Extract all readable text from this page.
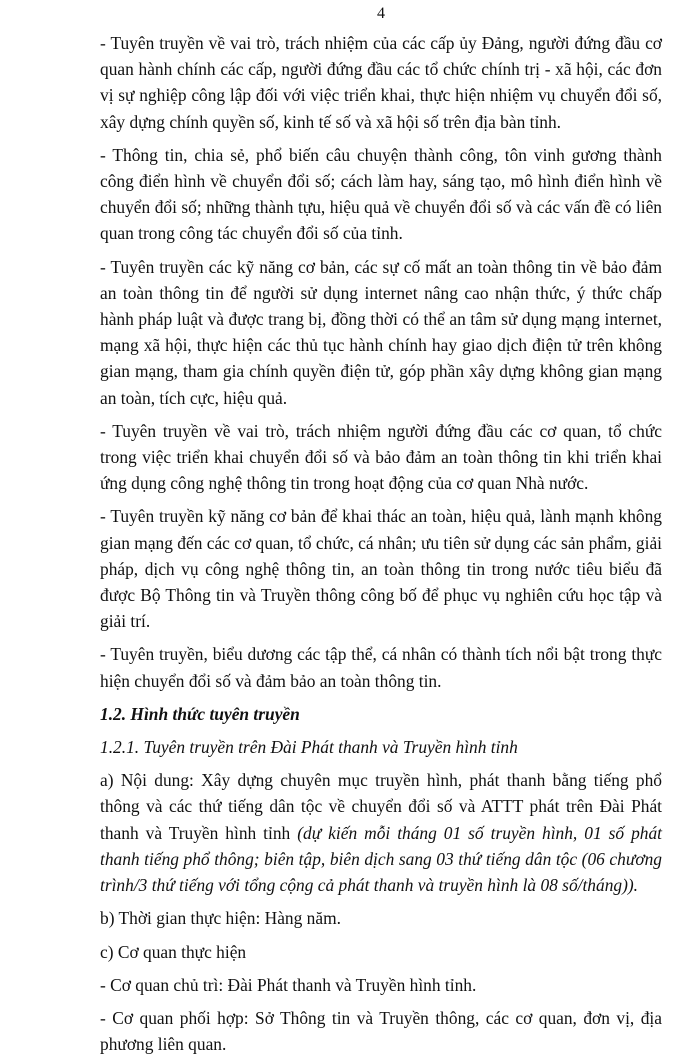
4

- Tuyên truyền về vai trò, trách nhiệm của các cấp ủy Đảng, người đứng đầu cơ quan hành chính các cấp, người đứng đầu các tổ chức chính trị - xã hội, các đơn vị sự nghiệp công lập đối với việc triển khai, thực hiện nhiệm vụ chuyển đổi số, xây dựng chính quyền số, kinh tế số và xã hội số trên địa bàn tỉnh.

- Thông tin, chia sẻ, phổ biến câu chuyện thành công, tôn vinh gương thành công điển hình về chuyển đổi số; cách làm hay, sáng tạo, mô hình điển hình về chuyển đổi số; những thành tựu, hiệu quả về chuyển đổi số và các vấn đề có liên quan trong công tác chuyển đổi số của tỉnh.

- Tuyên truyền các kỹ năng cơ bản, các sự cố mất an toàn thông tin về bảo đảm an toàn thông tin để người sử dụng internet nâng cao nhận thức, ý thức chấp hành pháp luật và được trang bị, đồng thời có thể an tâm sử dụng mạng internet, mạng xã hội, thực hiện các thủ tục hành chính hay giao dịch điện tử trên không gian mạng, tham gia chính quyền điện tử, góp phần xây dựng không gian mạng an toàn, tích cực, hiệu quả.

- Tuyên truyền về vai trò, trách nhiệm người đứng đầu các cơ quan, tổ chức trong việc triển khai chuyển đổi số và bảo đảm an toàn thông tin khi triển khai ứng dụng công nghệ thông tin trong hoạt động của cơ quan Nhà nước.

- Tuyên truyền kỹ năng cơ bản để khai thác an toàn, hiệu quả, lành mạnh không gian mạng đến các cơ quan, tổ chức, cá nhân; ưu tiên sử dụng các sản phẩm, giải pháp, dịch vụ công nghệ thông tin, an toàn thông tin trong nước tiêu biểu đã được Bộ Thông tin và Truyền thông công bố để phục vụ nghiên cứu học tập và giải trí.

- Tuyên truyền, biểu dương các tập thể, cá nhân có thành tích nổi bật trong thực hiện chuyển đổi số và đảm bảo an toàn thông tin.

1.2. Hình thức tuyên truyền

1.2.1. Tuyên truyền trên Đài Phát thanh và Truyền hình tỉnh

a) Nội dung: Xây dựng chuyên mục truyền hình, phát thanh bằng tiếng phổ thông và các thứ tiếng dân tộc về chuyển đổi số và ATTT phát trên Đài Phát thanh và Truyền hình tỉnh (dự kiến mỗi tháng 01 số truyền hình, 01 số phát thanh tiếng phổ thông; biên tập, biên dịch sang 03 thứ tiếng dân tộc (06 chương trình/3 thứ tiếng với tổng cộng cả phát thanh và truyền hình là 08 số/tháng)).

b) Thời gian thực hiện: Hàng năm.

c) Cơ quan thực hiện

- Cơ quan chủ trì: Đài Phát thanh và Truyền hình tỉnh.

- Cơ quan phối hợp: Sở Thông tin và Truyền thông, các cơ quan, đơn vị, địa phương liên quan.
